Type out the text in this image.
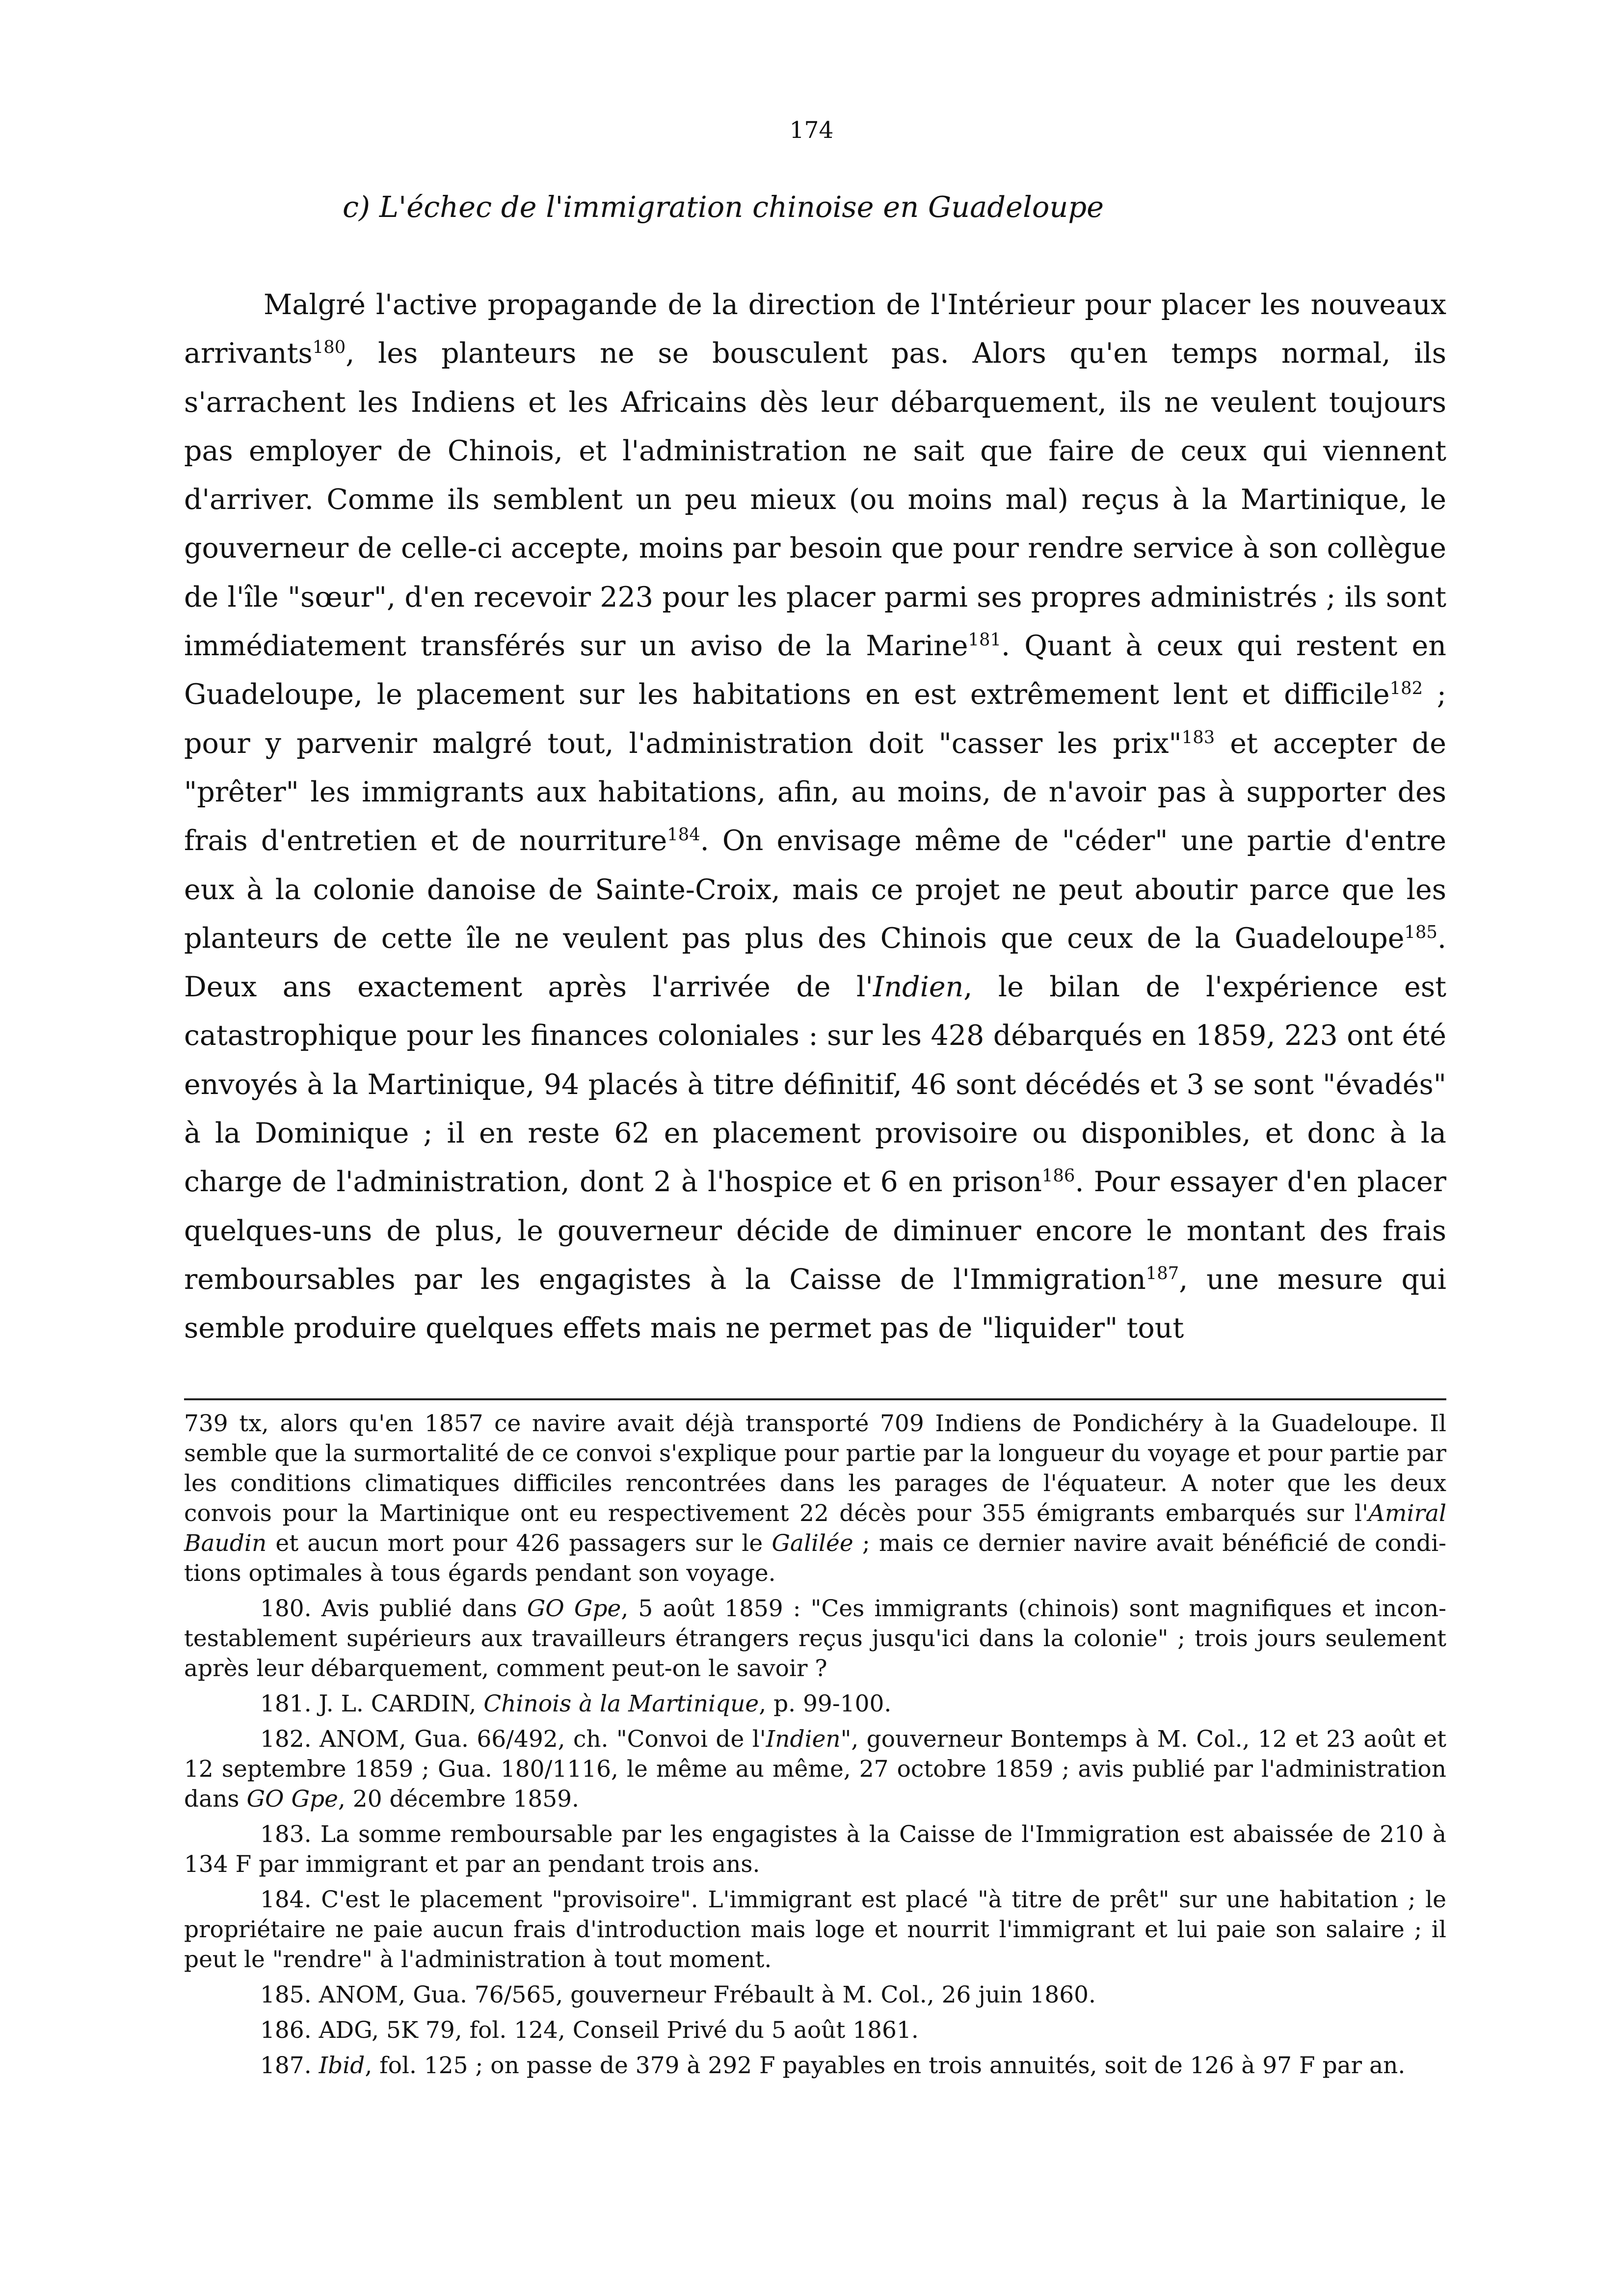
174
c) L'échec de l'immigration chinoise en Guadeloupe

Malgré l'active propagande de la direction de l'Intérieur pour placer les nouveaux arrivants$^{180}$, les planteurs ne se bousculent pas. Alors qu'en temps normal, ils s'arrachent les Indiens et les Africains dès leur débarquement, ils ne veulent toujours pas employer de Chinois, et l'administration ne sait que faire de ceux qui viennent d'arriver. Comme ils semblent un peu mieux (ou moins mal) reçus à la Martinique, le gouverneur de celle-ci accepte, moins par besoin que pour rendre service à son collègue de l'île "sœur", d'en recevoir 223 pour les placer parmi ses propres administrés ; ils sont immédiatement transférés sur un aviso de la Marine$^{181}$. Quant à ceux qui restent en Guadeloupe, le placement sur les habitations en est extrêmement lent et difficile$^{182}$ ; pour y parvenir malgré tout, l'administration doit "casser les prix"$^{183}$ et accepter de "prêter" les immigrants aux habitations, afin, au moins, de n'avoir pas à supporter des frais d'entretien et de nourriture$^{184}$. On envisage même de "céder" une partie d'entre eux à la colonie danoise de Sainte-Croix, mais ce projet ne peut aboutir parce que les planteurs de cette île ne veulent pas plus des Chinois que ceux de la Guadeloupe$^{185}$. Deux ans exactement après l'arrivée de l'Indien, le bilan de l'expérience est catastrophique pour les finances coloniales : sur les 428 débarqués en 1859, 223 ont été envoyés à la Martinique, 94 placés à titre définitif, 46 sont décédés et 3 se sont "évadés" à la Dominique ; il en reste 62 en placement provisoire ou disponibles, et donc à la charge de l'administration, dont 2 à l'hospice et 6 en prison$^{186}$. Pour essayer d'en placer quelques-uns de plus, le gouverneur décide de diminuer encore le montant des frais remboursables par les engagistes à la Caisse de l'Immigration$^{187}$, une mesure qui semble produire quelques effets mais ne permet pas de "liquider" tout

739 tx, alors qu'en 1857 ce navire avait déjà transporté 709 Indiens de Pondichéry à la Guadeloupe. Il semble que la surmortalité de ce convoi s'explique pour partie par la longueur du voyage et pour partie par les conditions climatiques difficiles rencontrées dans les parages de l'équateur. A noter que les deux convois pour la Martinique ont eu respectivement 22 décès pour 355 émigrants embarqués sur l'Amiral Baudin et aucun mort pour 426 passagers sur le Galilée ; mais ce dernier navire avait bénéficié de conditions optimales à tous égards pendant son voyage.

180. Avis publié dans GO Gpe, 5 août 1859 : "Ces immigrants (chinois) sont magnifiques et incontestablement supérieurs aux travailleurs étrangers reçus jusqu'ici dans la colonie" ; trois jours seulement après leur débarquement, comment peut-on le savoir ?

181. J. L. CARDIN, Chinois à la Martinique, p. 99-100.

182. ANOM, Gua. 66/492, ch. "Convoi de l'Indien", gouverneur Bontemps à M. Col., 12 et 23 août et 12 septembre 1859 ; Gua. 180/1116, le même au même, 27 octobre 1859 ; avis publié par l'administration dans GO Gpe, 20 décembre 1859.

183. La somme remboursable par les engagistes à la Caisse de l'Immigration est abaissée de 210 à 134 F par immigrant et par an pendant trois ans.

184. C'est le placement "provisoire". L'immigrant est placé "à titre de prêt" sur une habitation ; le propriétaire ne paie aucun frais d'introduction mais loge et nourrit l'immigrant et lui paie son salaire ; il peut le "rendre" à l'administration à tout moment.

185. ANOM, Gua. 76/565, gouverneur Frébault à M. Col., 26 juin 1860.

186. ADG, 5K 79, fol. 124, Conseil Privé du 5 août 1861.

187. Ibid, fol. 125 ; on passe de 379 à 292 F payables en trois annuités, soit de 126 à 97 F par an.
